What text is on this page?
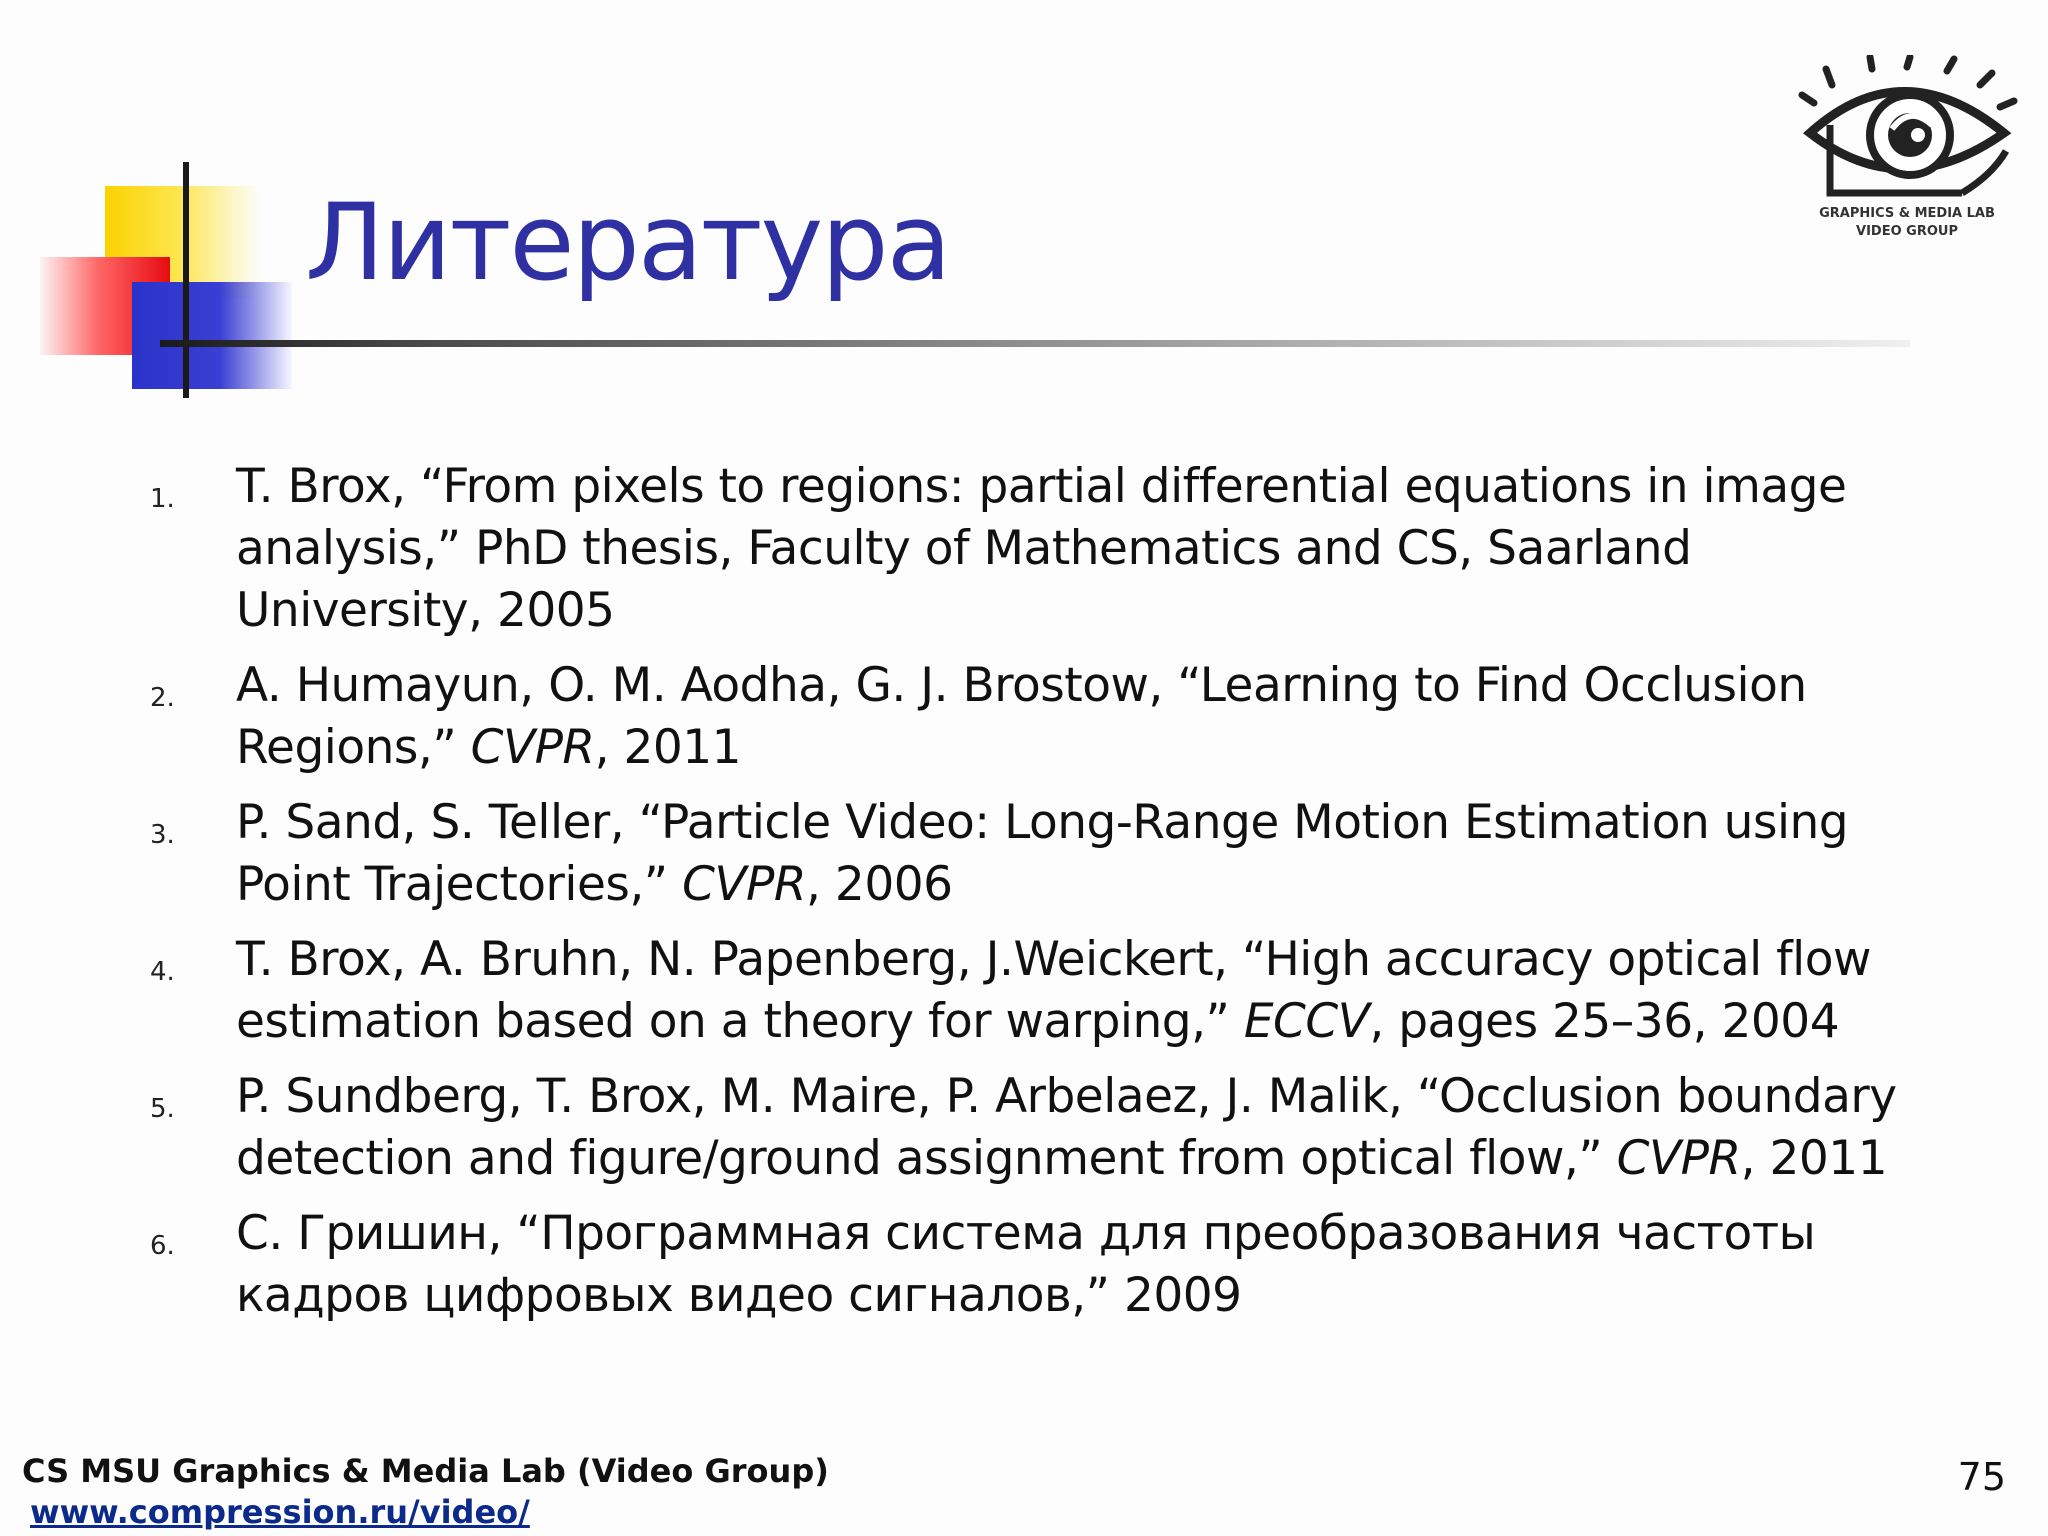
Литература	GRAPHICS & MEDIA LAB
VIDEO GROUP
1.	T. Brox, “From pixels to regions: partial differential equations in image analysis,” PhD thesis, Faculty of Mathematics and CS, Saarland University, 2005
2.	A. Humayun, O. M. Aodha, G. J. Brostow, “Learning to Find Occlusion Regions,” CVPR, 2011
3.	P. Sand, S. Teller, “Particle Video: Long-Range Motion Estimation using Point Trajectories,” CVPR, 2006
4.	T. Brox, A. Bruhn, N. Papenberg, J.Weickert, “High accuracy optical flow estimation based on a theory for warping,” ECCV, pages 25–36, 2004
5.	P. Sundberg, T. Brox, M. Maire, P. Arbelaez, J. Malik, “Occlusion boundary detection and figure/ground assignment from optical flow,” CVPR, 2011
6.	С. Гришин, “Программная система для преобразования частоты кадров цифровых видео сигналов,” 2009
CS MSU Graphics & Media Lab (Video Group)
www.compression.ru/video/
75
